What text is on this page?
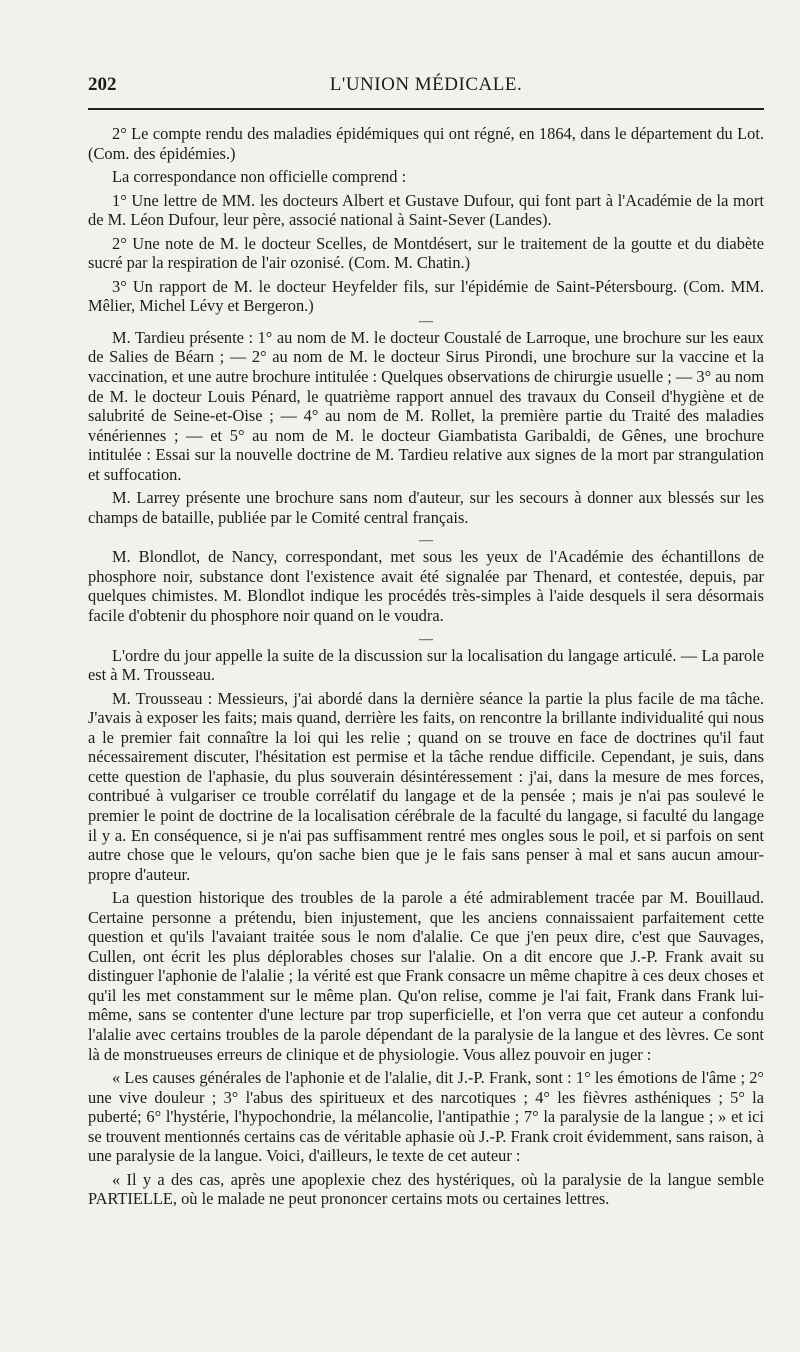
202	L'UNION MÉDICALE.

2° Le compte rendu des maladies épidémiques qui ont régné, en 1864, dans le département du Lot. (Com. des épidémies.)

La correspondance non officielle comprend :

1° Une lettre de MM. les docteurs Albert et Gustave Dufour, qui font part à l'Académie de la mort de M. Léon Dufour, leur père, associé national à Saint-Sever (Landes).

2° Une note de M. le docteur Scelles, de Montdésert, sur le traitement de la goutte et du diabète sucré par la respiration de l'air ozonisé. (Com. M. Chatin.)

3° Un rapport de M. le docteur Heyfelder fils, sur l'épidémie de Saint-Pétersbourg. (Com. MM. Mêlier, Michel Lévy et Bergeron.)

—

M. Tardieu présente : 1° au nom de M. le docteur Coustalé de Larroque, une brochure sur les eaux de Salies de Béarn ; — 2° au nom de M. le docteur Sirus Pirondi, une brochure sur la vaccine et la vaccination, et une autre brochure intitulée : Quelques observations de chirurgie usuelle ; — 3° au nom de M. le docteur Louis Pénard, le quatrième rapport annuel des travaux du Conseil d'hygiène et de salubrité de Seine-et-Oise ; — 4° au nom de M. Rollet, la première partie du Traité des maladies vénériennes ; — et 5° au nom de M. le docteur Giambatista Garibaldi, de Gênes, une brochure intitulée : Essai sur la nouvelle doctrine de M. Tardieu relative aux signes de la mort par strangulation et suffocation.

M. Larrey présente une brochure sans nom d'auteur, sur les secours à donner aux blessés sur les champs de bataille, publiée par le Comité central français.

—

M. Blondlot, de Nancy, correspondant, met sous les yeux de l'Académie des échantillons de phosphore noir, substance dont l'existence avait été signalée par Thenard, et contestée, depuis, par quelques chimistes. M. Blondlot indique les procédés très-simples à l'aide desquels il sera désormais facile d'obtenir du phosphore noir quand on le voudra.

—

L'ordre du jour appelle la suite de la discussion sur la localisation du langage articulé. — La parole est à M. Trousseau.

M. Trousseau : Messieurs, j'ai abordé dans la dernière séance la partie la plus facile de ma tâche. J'avais à exposer les faits; mais quand, derrière les faits, on rencontre la brillante individualité qui nous a le premier fait connaître la loi qui les relie ; quand on se trouve en face de doctrines qu'il faut nécessairement discuter, l'hésitation est permise et la tâche rendue difficile. Cependant, je suis, dans cette question de l'aphasie, du plus souverain désintéressement : j'ai, dans la mesure de mes forces, contribué à vulgariser ce trouble corrélatif du langage et de la pensée ; mais je n'ai pas soulevé le premier le point de doctrine de la localisation cérébrale de la faculté du langage, si faculté du langage il y a. En conséquence, si je n'ai pas suffisamment rentré mes ongles sous le poil, et si parfois on sent autre chose que le velours, qu'on sache bien que je le fais sans penser à mal et sans aucun amour-propre d'auteur.

La question historique des troubles de la parole a été admirablement tracée par M. Bouillaud. Certaine personne a prétendu, bien injustement, que les anciens connaissaient parfaitement cette question et qu'ils l'avaiant traitée sous le nom d'alalie. Ce que j'en peux dire, c'est que Sauvages, Cullen, ont écrit les plus déplorables choses sur l'alalie. On a dit encore que J.-P. Frank avait su distinguer l'aphonie de l'alalie ; la vérité est que Frank consacre un même chapitre à ces deux choses et qu'il les met constamment sur le même plan. Qu'on relise, comme je l'ai fait, Frank dans Frank lui-même, sans se contenter d'une lecture par trop superficielle, et l'on verra que cet auteur a confondu l'alalie avec certains troubles de la parole dépendant de la paralysie de la langue et des lèvres. Ce sont là de monstrueuses erreurs de clinique et de physiologie. Vous allez pouvoir en juger :

« Les causes générales de l'aphonie et de l'alalie, dit J.-P. Frank, sont : 1° les émotions de l'âme ; 2° une vive douleur ; 3° l'abus des spiritueux et des narcotiques ; 4° les fièvres asthéniques ; 5° la puberté; 6° l'hystérie, l'hypochondrie, la mélancolie, l'antipathie ; 7° la paralysie de la langue ; » et ici se trouvent mentionnés certains cas de véritable aphasie où J.-P. Frank croit évidemment, sans raison, à une paralysie de la langue. Voici, d'ailleurs, le texte de cet auteur :

« Il y a des cas, après une apoplexie chez des hystériques, où la paralysie de la langue semble PARTIELLE, où le malade ne peut prononcer certains mots ou certaines lettres.
